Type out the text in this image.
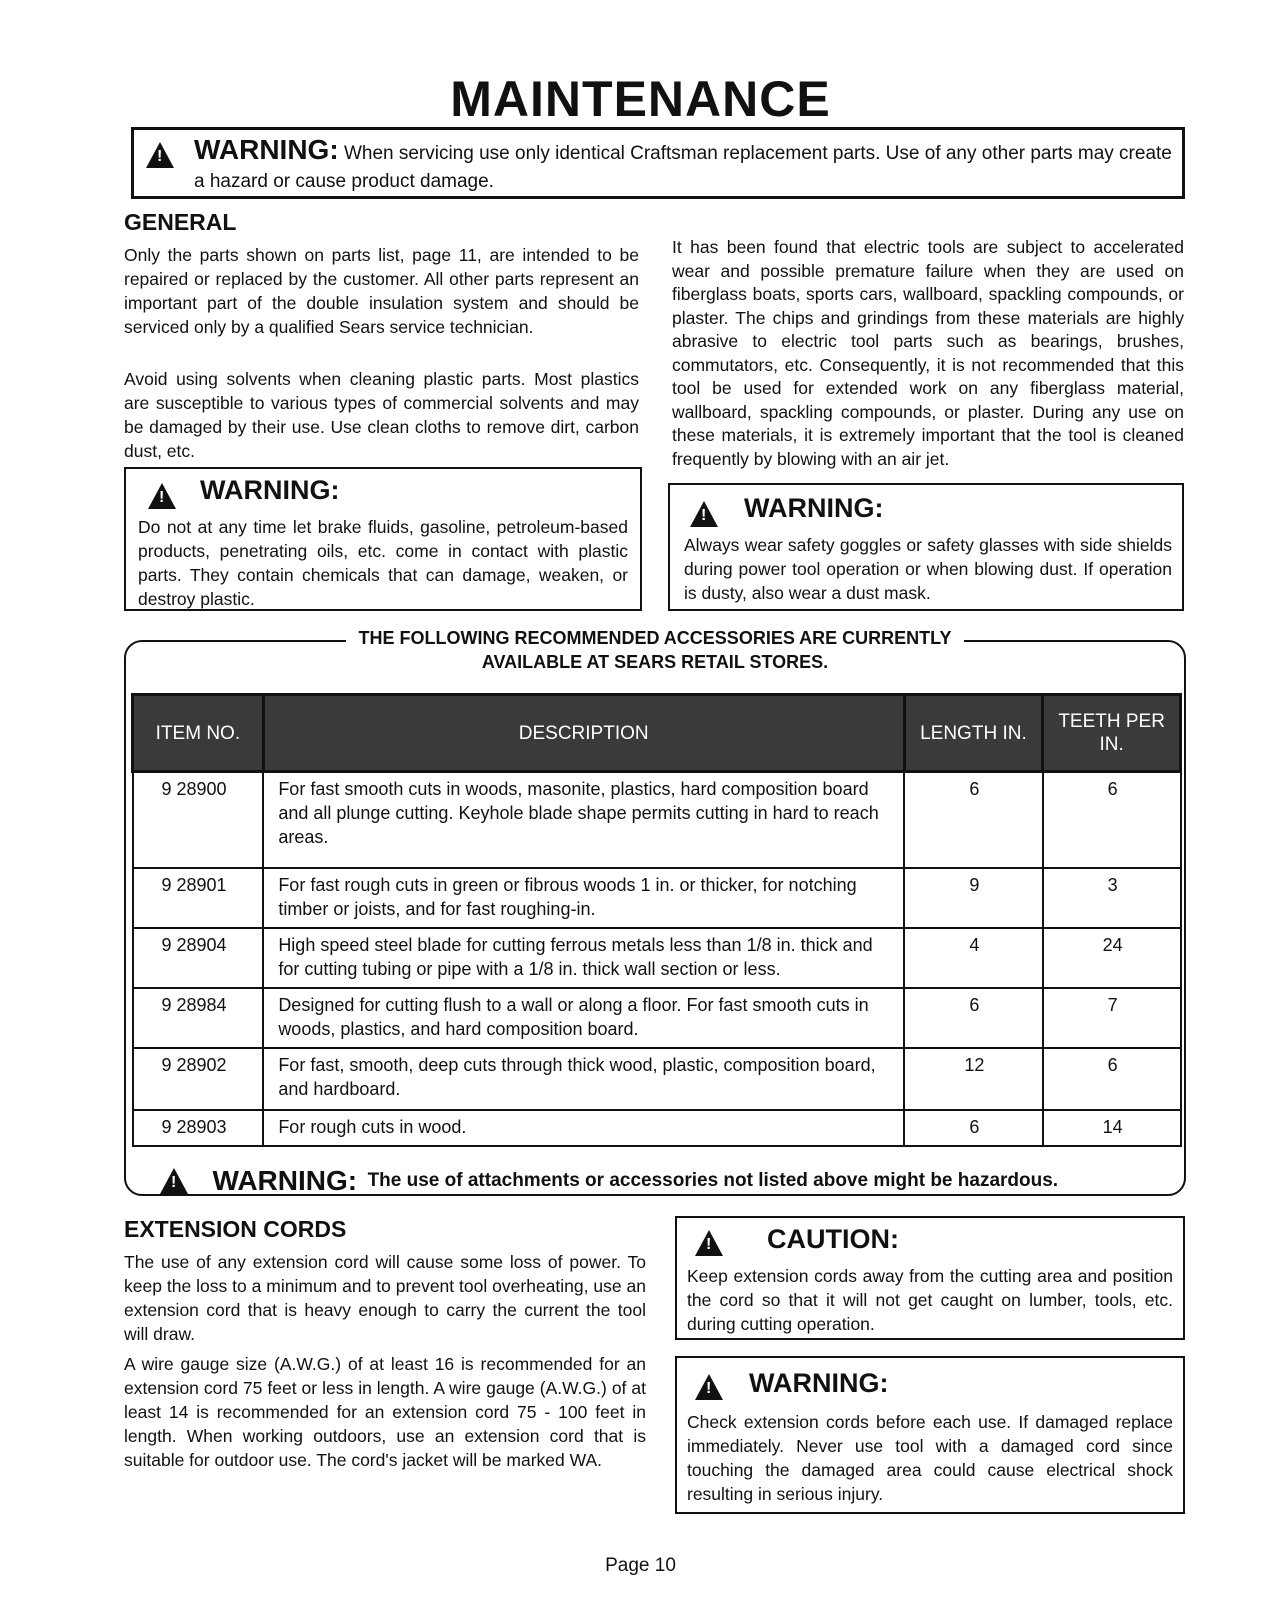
MAINTENANCE
!
WARNING: When servicing use only identical Craftsman replacement parts. Use of any other parts may create a hazard or cause product damage.
GENERAL
Only the parts shown on parts list, page 11, are intended to be repaired or replaced by the customer. All other parts represent an important part of the double insulation system and should be serviced only by a qualified Sears service technician.
Avoid using solvents when cleaning plastic parts. Most plastics are susceptible to various types of commercial solvents and may be damaged by their use. Use clean cloths to remove dirt, carbon dust, etc.
It has been found that electric tools are subject to accelerated wear and possible premature failure when they are used on fiberglass boats, sports cars, wallboard, spackling compounds, or plaster. The chips and grindings from these materials are highly abrasive to electric tool parts such as bearings, brushes, commutators, etc. Consequently, it is not recommended that this tool be used for extended work on any fiberglass material, wallboard, spackling compounds, or plaster. During any use on these materials, it is extremely important that the tool is cleaned frequently by blowing with an air jet.
!
WARNING:
Do not at any time let brake fluids, gasoline, petroleum-based products, penetrating oils, etc. come in contact with plastic parts. They contain chemicals that can damage, weaken, or destroy plastic.
!
WARNING:
Always wear safety goggles or safety glasses with side shields during power tool operation or when blowing dust. If operation is dusty, also wear a dust mask.
THE FOLLOWING RECOMMENDED ACCESSORIES ARE CURRENTLY
AVAILABLE AT SEARS RETAIL STORES.
ITEM NO.	DESCRIPTION	LENGTH IN.	TEETH PER IN.
9 28900	For fast smooth cuts in woods, masonite, plastics, hard composition board and all plunge cutting. Keyhole blade shape permits cutting in hard to reach areas.	6	6
9 28901	For fast rough cuts in green or fibrous woods 1 in. or thicker, for notching timber or joists, and for fast roughing-in.	9	3
9 28904	High speed steel blade for cutting ferrous metals less than 1/8 in. thick and for cutting tubing or pipe with a 1/8 in. thick wall section or less.	4	24
9 28984	Designed for cutting flush to a wall or along a floor. For fast smooth cuts in woods, plastics, and hard composition board.	6	7
9 28902	For fast, smooth, deep cuts through thick wood, plastic, composition board, and hardboard.	12	6
9 28903	For rough cuts in wood.	6	14
! WARNING: The use of attachments or accessories not listed above might be hazardous.
EXTENSION CORDS
The use of any extension cord will cause some loss of power. To keep the loss to a minimum and to prevent tool overheating, use an extension cord that is heavy enough to carry the current the tool will draw.
A wire gauge size (A.W.G.) of at least 16 is recommended for an extension cord 75 feet or less in length. A wire gauge (A.W.G.) of at least 14 is recommended for an extension cord 75 - 100 feet in length. When working outdoors, use an extension cord that is suitable for outdoor use. The cord's jacket will be marked WA.
!
CAUTION:
Keep extension cords away from the cutting area and position the cord so that it will not get caught on lumber, tools, etc. during cutting operation.
!
WARNING:
Check extension cords before each use. If damaged replace immediately. Never use tool with a damaged cord since touching the damaged area could cause electrical shock resulting in serious injury.
Page 10
